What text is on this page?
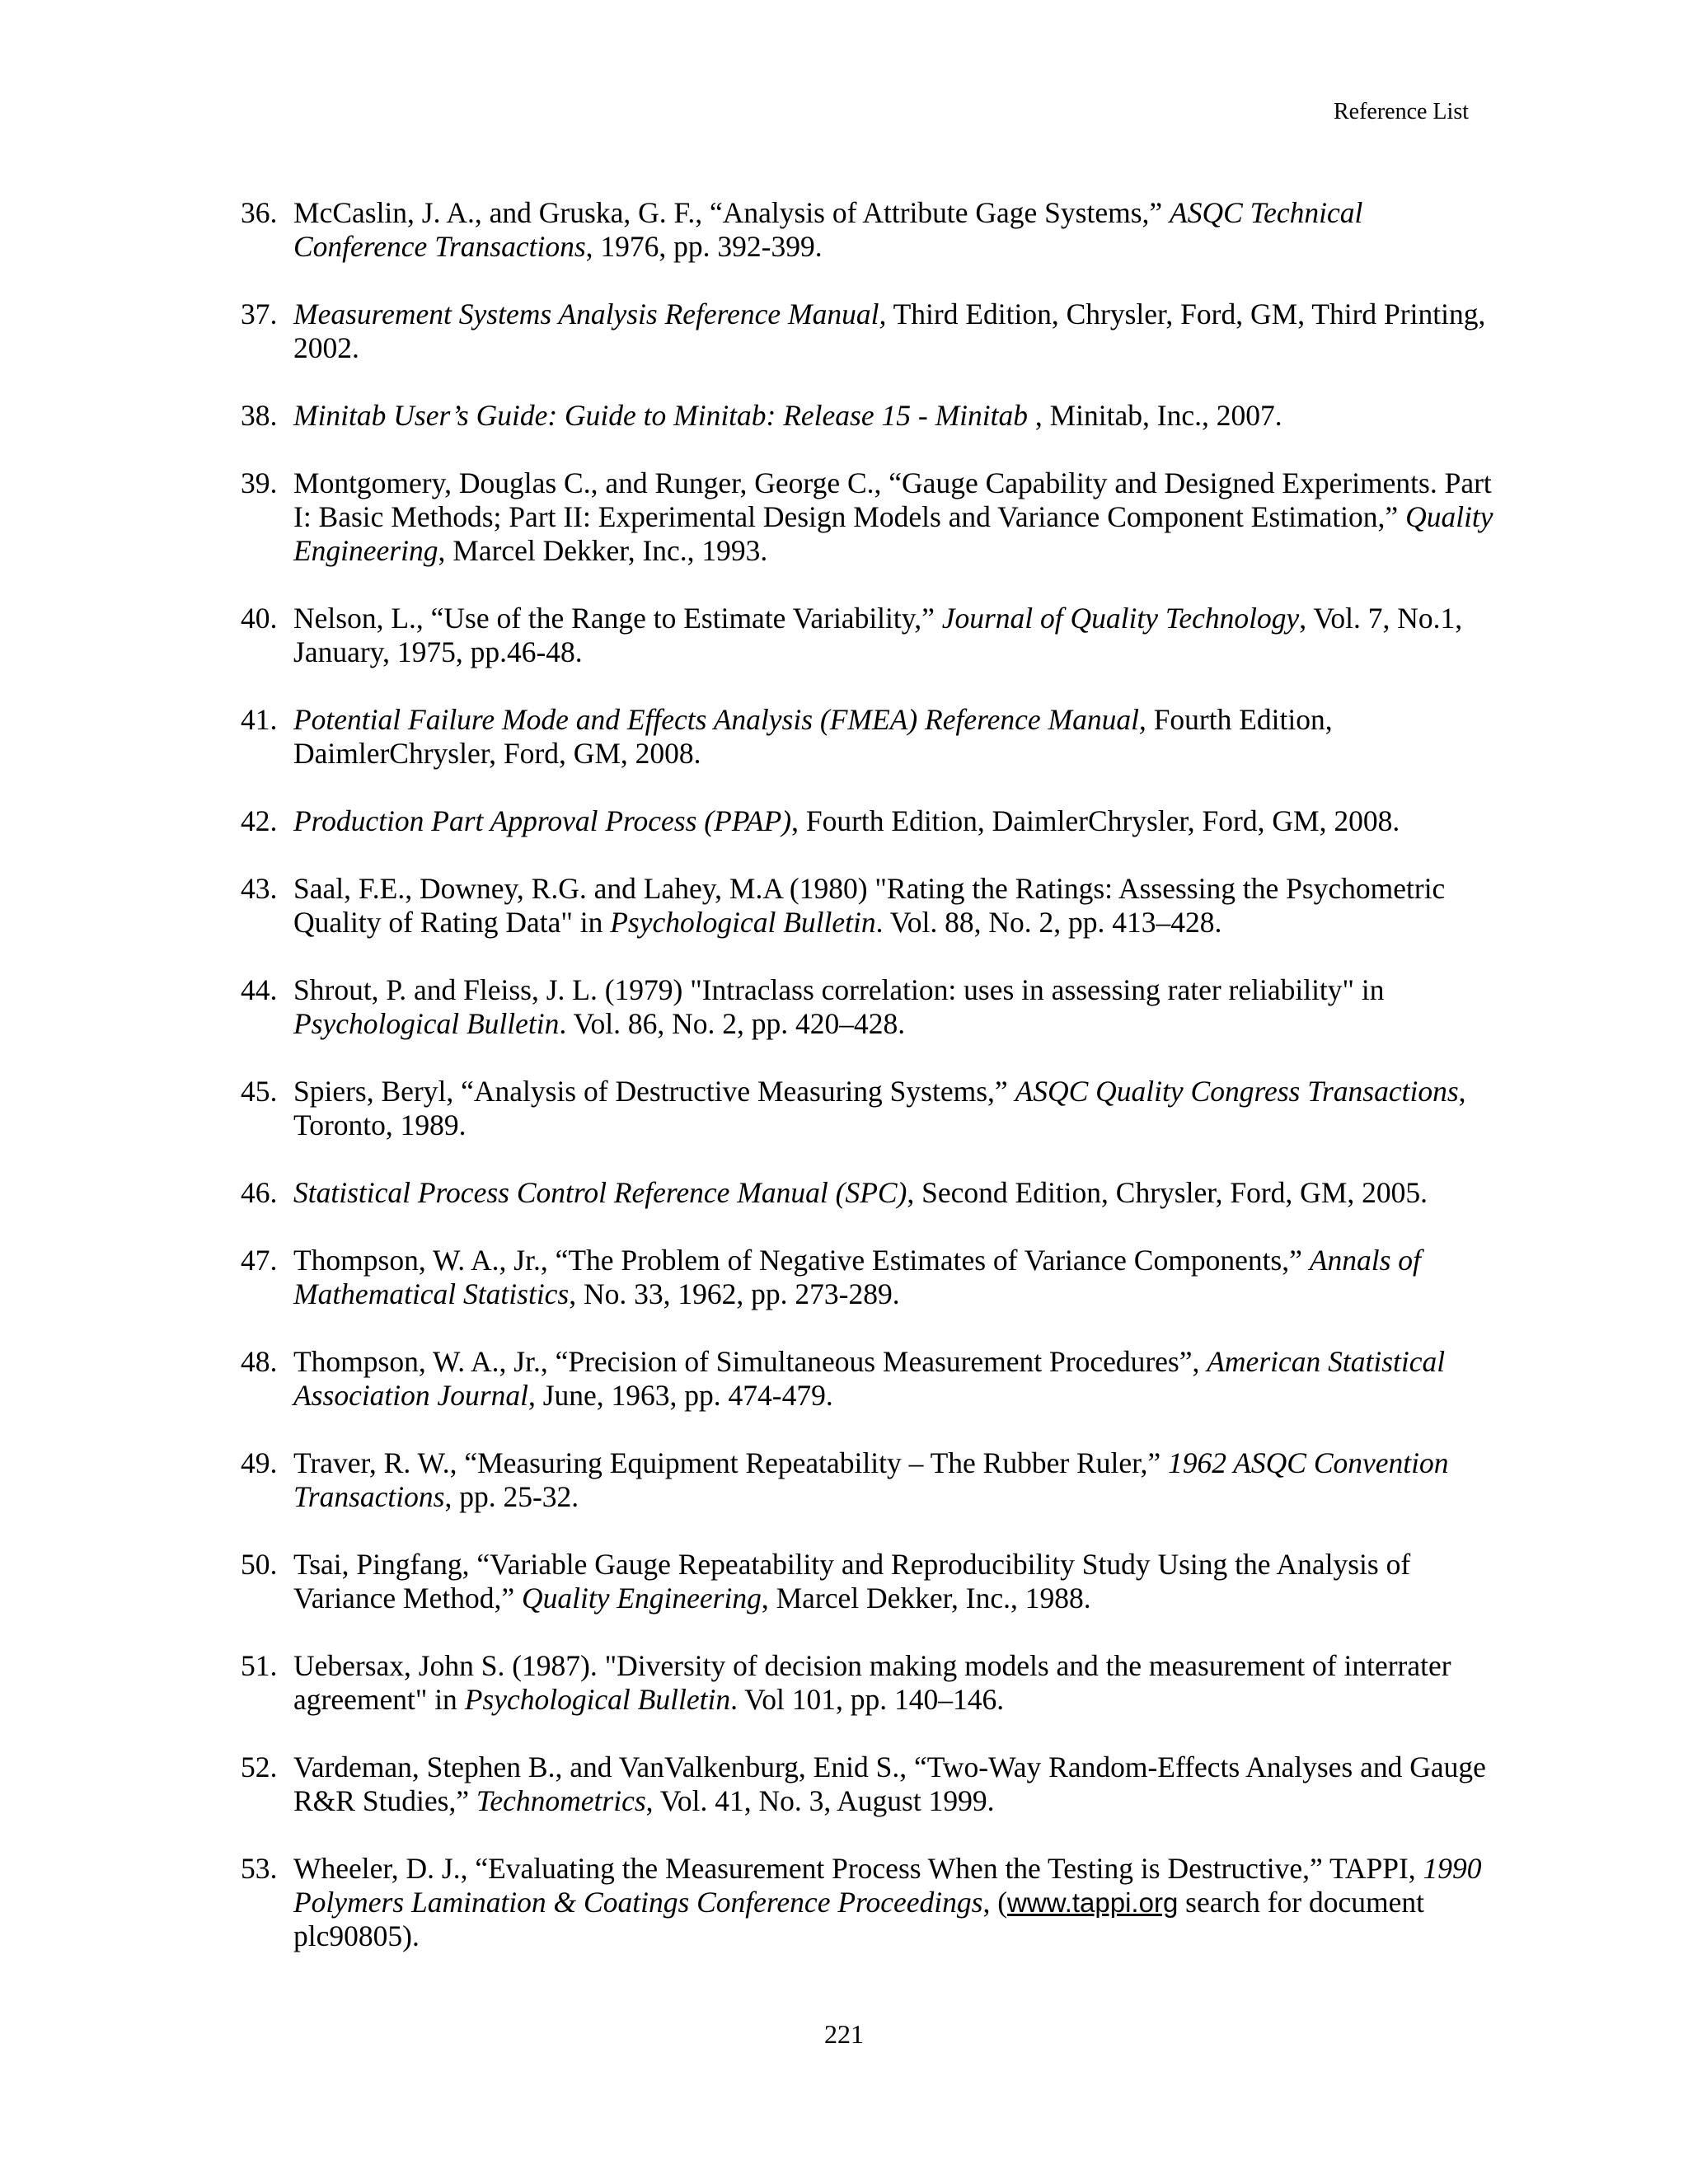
Reference List
36. McCaslin, J. A., and Gruska, G. F., “Analysis of Attribute Gage Systems,” ASQC Technical Conference Transactions, 1976, pp. 392-399.
37. Measurement Systems Analysis Reference Manual, Third Edition, Chrysler, Ford, GM, Third Printing, 2002.
38. Minitab User’s Guide: Guide to Minitab: Release 15 - Minitab , Minitab, Inc., 2007.
39. Montgomery, Douglas C., and Runger, George C., “Gauge Capability and Designed Experiments. Part I: Basic Methods; Part II: Experimental Design Models and Variance Component Estimation,” Quality Engineering, Marcel Dekker, Inc., 1993.
40. Nelson, L., “Use of the Range to Estimate Variability,” Journal of Quality Technology, Vol. 7, No.1, January, 1975, pp.46-48.
41. Potential Failure Mode and Effects Analysis (FMEA) Reference Manual, Fourth Edition, DaimlerChrysler, Ford, GM, 2008.
42. Production Part Approval Process (PPAP), Fourth Edition, DaimlerChrysler, Ford, GM, 2008.
43. Saal, F.E., Downey, R.G. and Lahey, M.A (1980) "Rating the Ratings: Assessing the Psychometric Quality of Rating Data" in Psychological Bulletin. Vol. 88, No. 2, pp. 413–428.
44. Shrout, P. and Fleiss, J. L. (1979) "Intraclass correlation: uses in assessing rater reliability" in Psychological Bulletin. Vol. 86, No. 2, pp. 420–428.
45. Spiers, Beryl, “Analysis of Destructive Measuring Systems,” ASQC Quality Congress Transactions, Toronto, 1989.
46. Statistical Process Control Reference Manual (SPC), Second Edition, Chrysler, Ford, GM, 2005.
47. Thompson, W. A., Jr., “The Problem of Negative Estimates of Variance Components,” Annals of Mathematical Statistics, No. 33, 1962, pp. 273-289.
48. Thompson, W. A., Jr., “Precision of Simultaneous Measurement Procedures”, American Statistical Association Journal, June, 1963, pp. 474-479.
49. Traver, R. W., “Measuring Equipment Repeatability – The Rubber Ruler,” 1962 ASQC Convention Transactions, pp. 25-32.
50. Tsai, Pingfang, “Variable Gauge Repeatability and Reproducibility Study Using the Analysis of Variance Method,” Quality Engineering, Marcel Dekker, Inc., 1988.
51. Uebersax, John S. (1987). "Diversity of decision making models and the measurement of interrater agreement" in Psychological Bulletin. Vol 101, pp. 140–146.
52. Vardeman, Stephen B., and VanValkenburg, Enid S., “Two-Way Random-Effects Analyses and Gauge R&R Studies,” Technometrics, Vol. 41, No. 3, August 1999.
53. Wheeler, D. J., “Evaluating the Measurement Process When the Testing is Destructive,” TAPPI, 1990 Polymers Lamination & Coatings Conference Proceedings, (www.tappi.org search for document plc90805).
221
